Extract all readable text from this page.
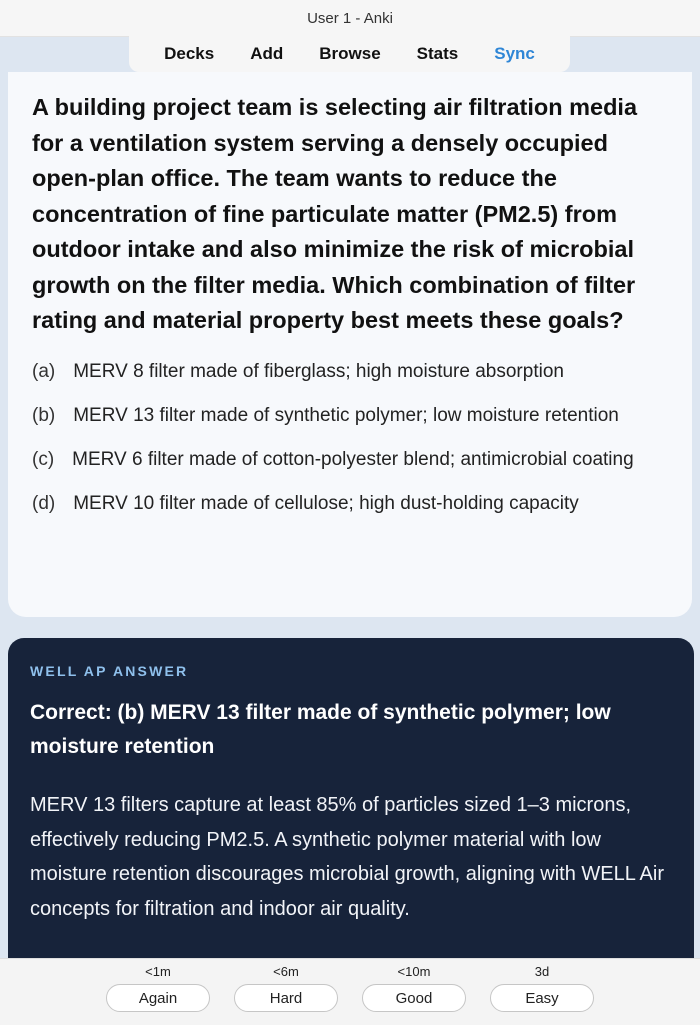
User 1 - Anki
Decks	Add	Browse	Stats	Sync

A building project team is selecting air filtration media for a ventilation system serving a densely occupied open-plan office. The team wants to reduce the concentration of fine particulate matter (PM2.5) from outdoor intake and also minimize the risk of microbial growth on the filter media. Which combination of filter rating and material property best meets these goals?

(a) MERV 8 filter made of fiberglass; high moisture absorption
(b) MERV 13 filter made of synthetic polymer; low moisture retention
(c) MERV 6 filter made of cotton-polyester blend; antimicrobial coating
(d) MERV 10 filter made of cellulose; high dust-holding capacity
WELL AP ANSWER
Correct: (b) MERV 13 filter made of synthetic polymer; low moisture retention
MERV 13 filters capture at least 85% of particles sized 1–3 microns, effectively reducing PM2.5. A synthetic polymer material with low moisture retention discourages microbial growth, aligning with WELL Air concepts for filtration and indoor air quality.
<1m
Again
<6m
Hard
<10m
Good
3d
Easy
